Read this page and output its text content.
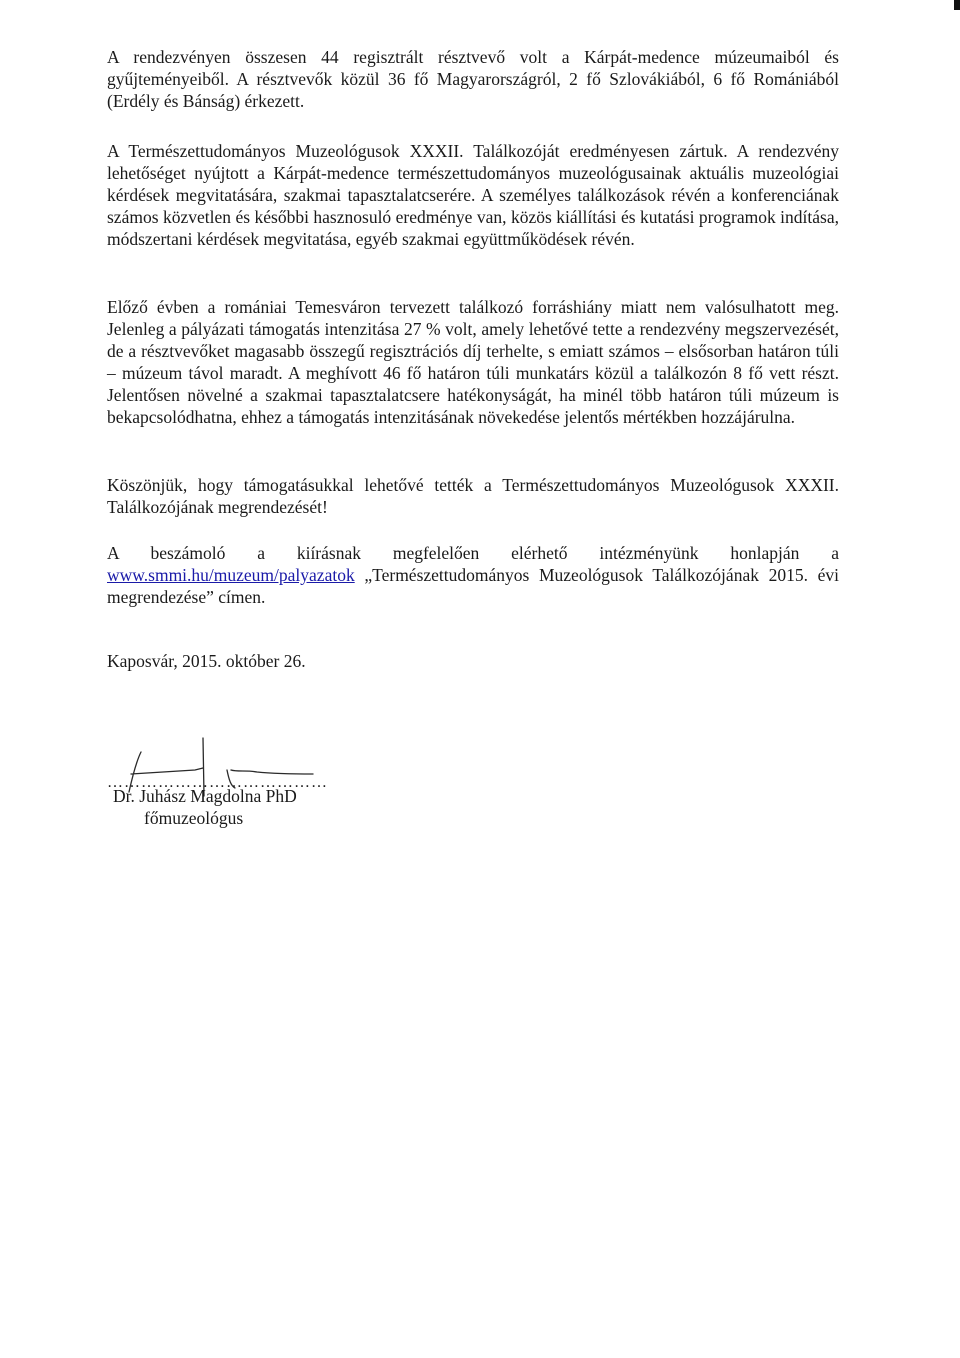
A rendezvényen összesen 44 regisztrált résztvevő volt a Kárpát-medence múzeumaiból és gyűjteményeiből. A résztvevők közül 36 fő Magyarországról, 2 fő Szlovákiából, 6 fő Romániából (Erdély és Bánság) érkezett.

A Természettudományos Muzeológusok XXXII. Találkozóját eredményesen zártuk. A rendezvény lehetőséget nyújtott a Kárpát-medence természettudományos muzeológusainak aktuális muzeológiai kérdések megvitatására, szakmai tapasztalatcserére. A személyes találkozások révén a konferenciának számos közvetlen és későbbi hasznosuló eredménye van, közös kiállítási és kutatási programok indítása, módszertani kérdések megvitatása, egyéb szakmai együttműködések révén.

Előző évben a romániai Temesváron tervezett találkozó forráshiány miatt nem valósulhatott meg. Jelenleg a pályázati támogatás intenzitása 27 % volt, amely lehetővé tette a rendezvény megszervezését, de a résztvevőket magasabb összegű regisztrációs díj terhelte, s emiatt számos – elsősorban határon túli – múzeum távol maradt. A meghívott 46 fő határon túli munkatárs közül a találkozón 8 fő vett részt. Jelentősen növelné a szakmai tapasztalatcsere hatékonyságát, ha minél több határon túli múzeum is bekapcsolódhatna, ehhez a támogatás intenzitásának növekedése jelentős mértékben hozzájárulna.

Köszönjük, hogy támogatásukkal lehetővé tették a Természettudományos Muzeológusok XXXII. Találkozójának megrendezését!

A beszámoló a kiírásnak megfelelően elérhető intézményünk honlapján a www.smmi.hu/muzeum/palyazatok „Természettudományos Muzeológusok Találkozójának 2015. évi megrendezése” címen.

Kaposvár, 2015. október 26.
…………………………………
Dr. Juhász Magdolna PhD
főmuzeológus
